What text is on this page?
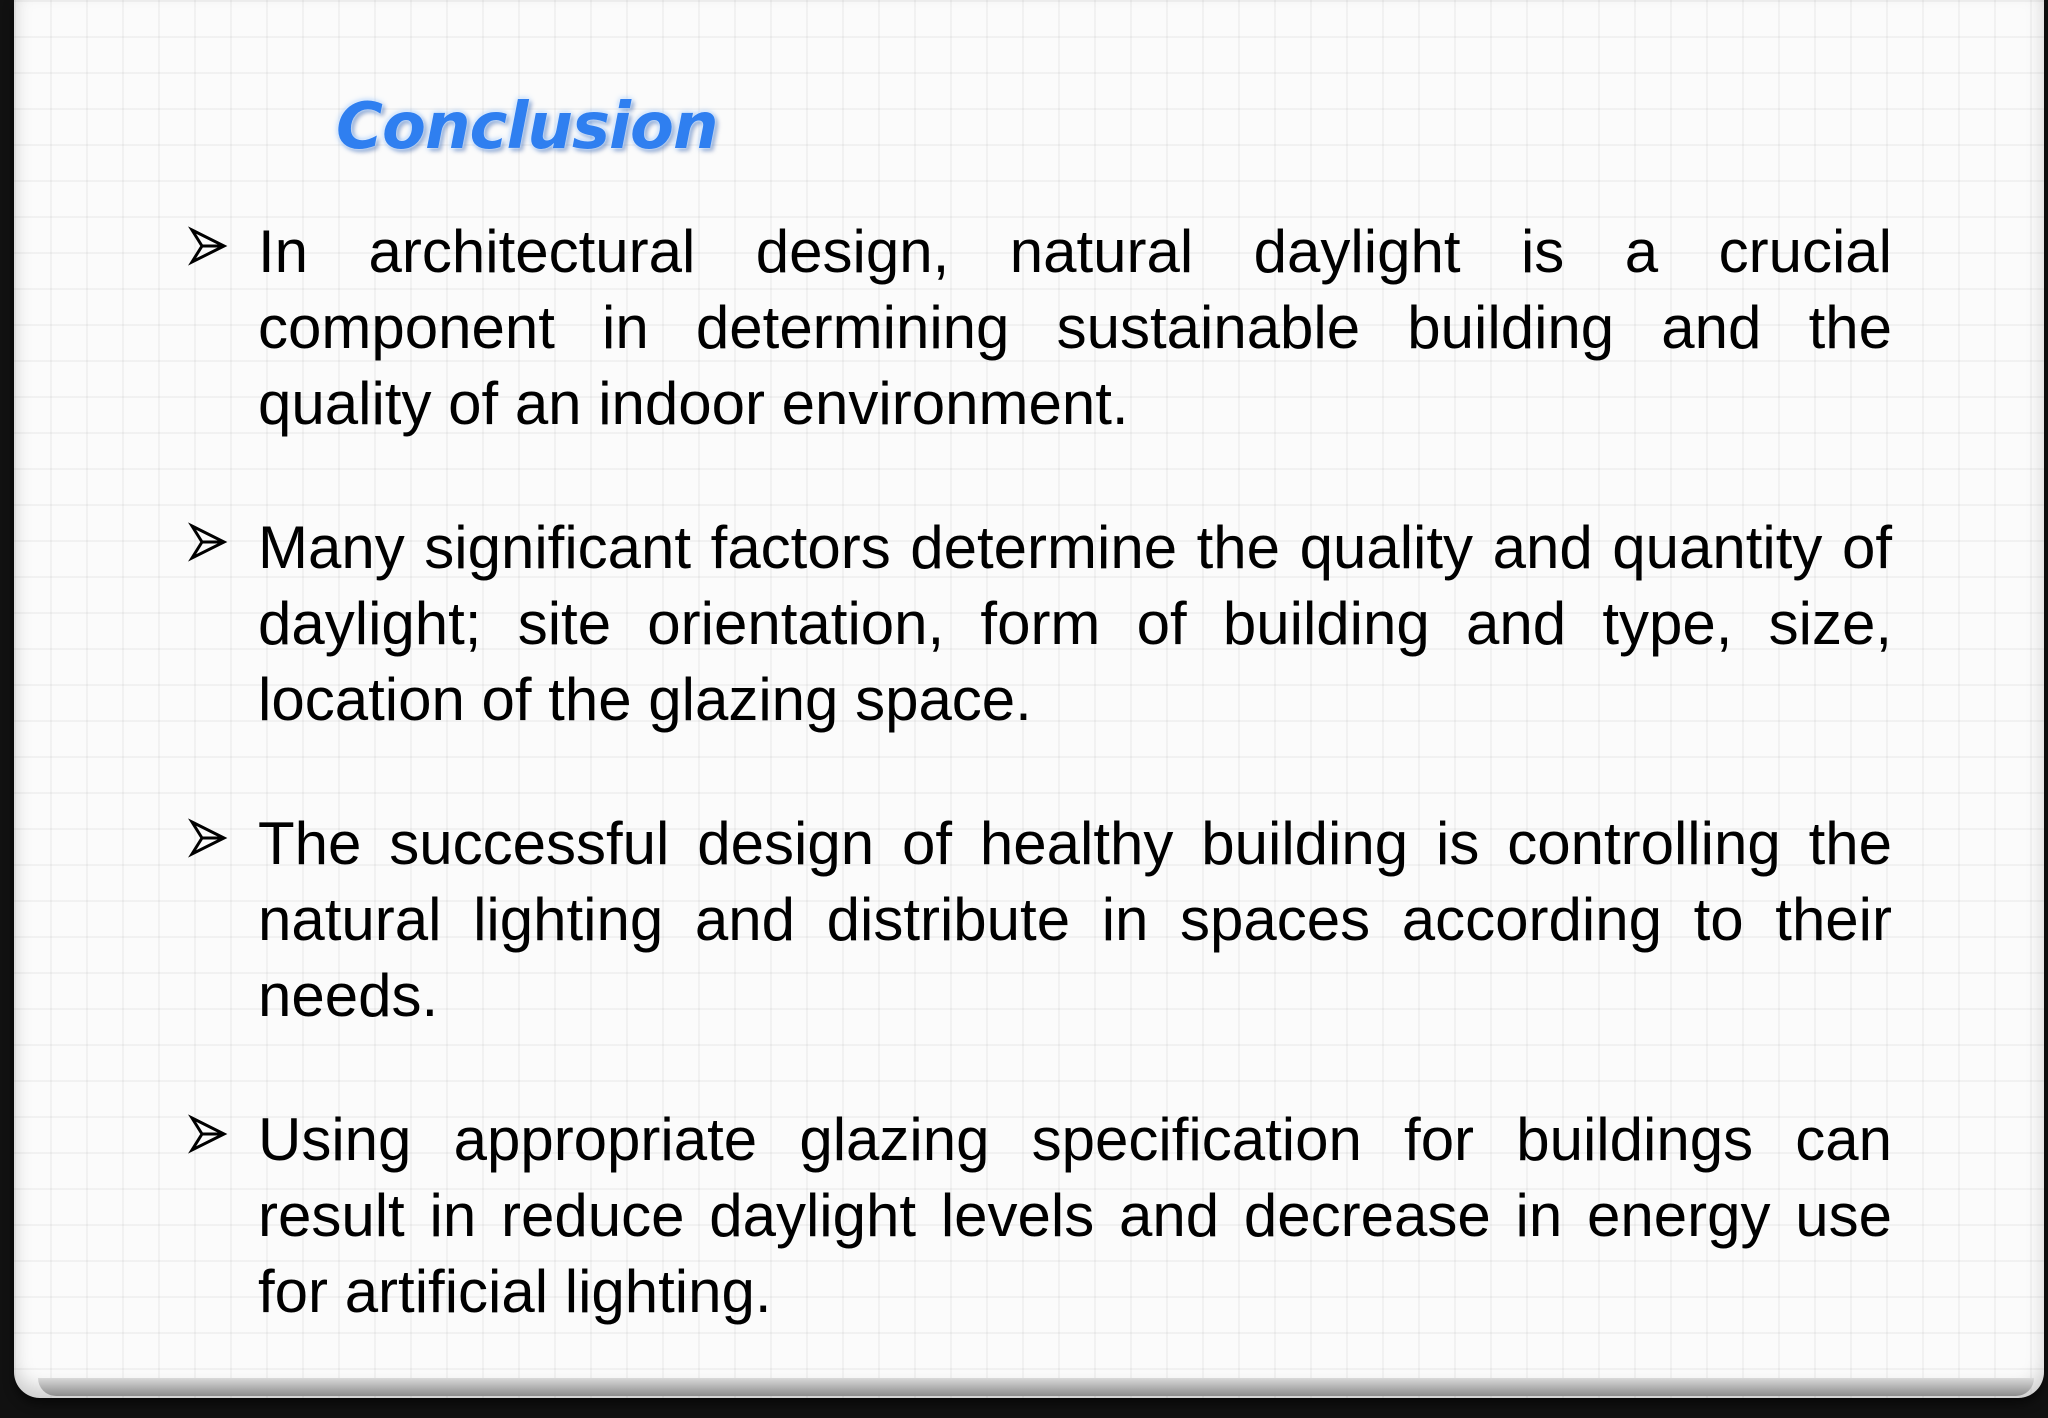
Conclusion
In architectural design, natural daylight is a crucial component in determining sustainable building and the quality of an indoor environment.
Many significant factors determine the quality and quantity of daylight; site orientation, form of building and type, size, location of the glazing space.
The successful design of healthy building is controlling the natural lighting and distribute in spaces according to their needs.
Using appropriate glazing specification for buildings can result in reduce daylight levels and decrease in energy use for artificial lighting.
